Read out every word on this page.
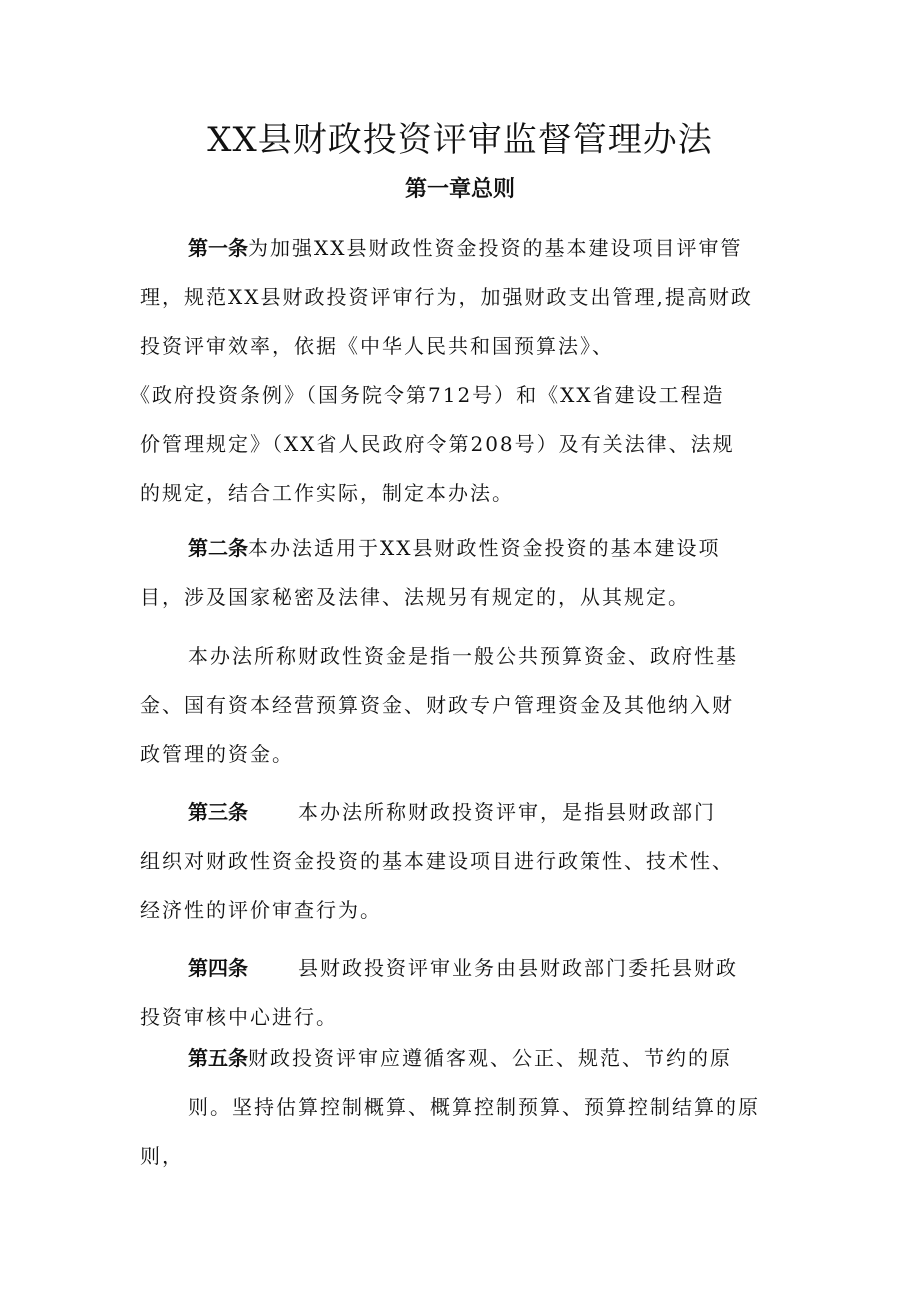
XX县财政投资评审监督管理办法
第一章总则

第一条为加强XX县财政性资金投资的基本建设项目评审管
理，规范XX县财政投资评审行为，加强财政支出管理,提高财政
投资评审效率，依据《中华人民共和国预算法》、
《政府投资条例》（国务院令第712号）和《XX省建设工程造
价管理规定》（XX省人民政府令第208号）及有关法律、法规
的规定，结合工作实际，制定本办法。

第二条本办法适用于XX县财政性资金投资的基本建设项
目，涉及国家秘密及法律、法规另有规定的，从其规定。

本办法所称财政性资金是指一般公共预算资金、政府性基
金、国有资本经营预算资金、财政专户管理资金及其他纳入财
政管理的资金。

第三条	本办法所称财政投资评审，是指县财政部门
组织对财政性资金投资的基本建设项目进行政策性、技术性、
经济性的评价审查行为。

第四条	县财政投资评审业务由县财政部门委托县财政
投资审核中心进行。

第五条财政投资评审应遵循客观、公正、规范、节约的原
则。坚持估算控制概算、概算控制预算、预算控制结算的原
则，
